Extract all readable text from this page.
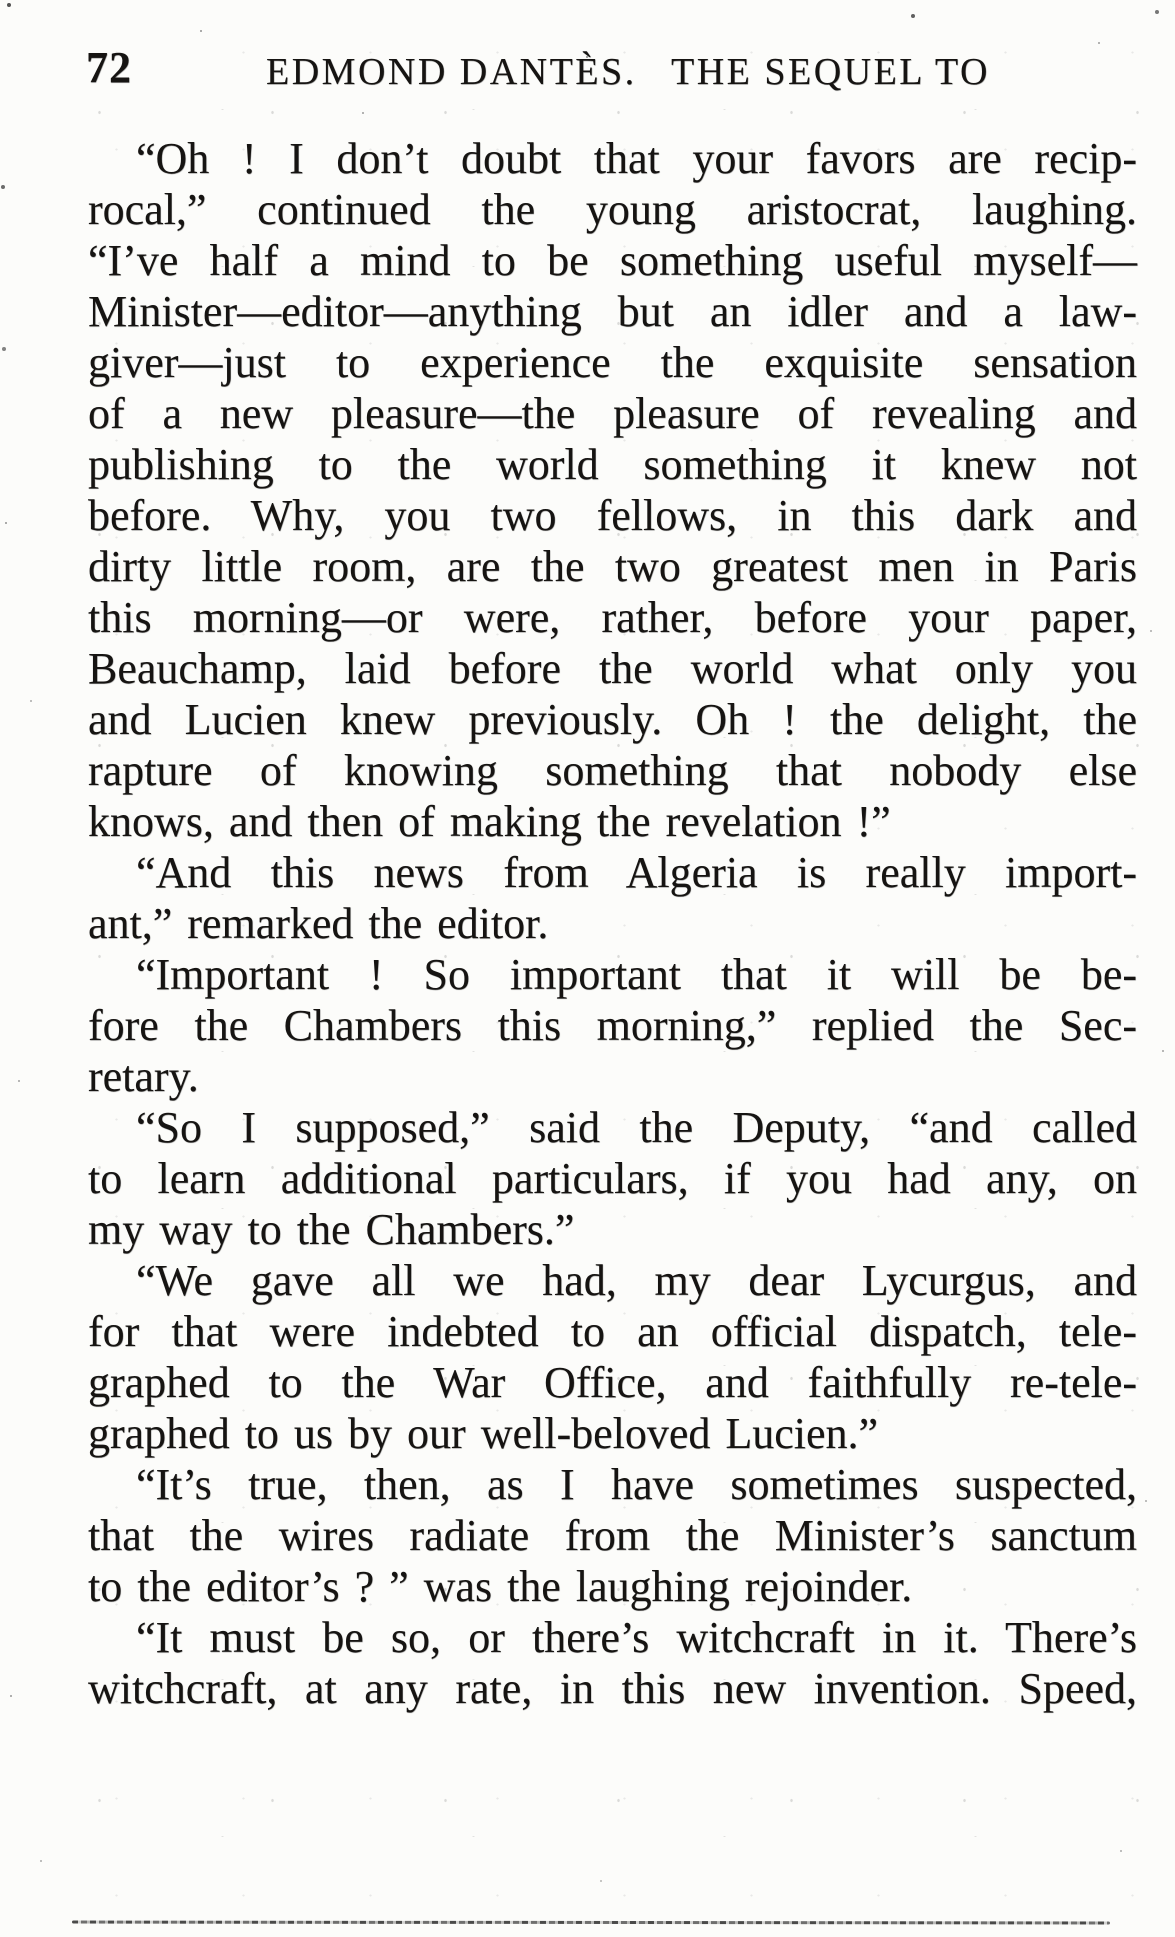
72	EDMOND DANTÈS. THE SEQUEL TO
“Oh ! I don’t doubt that your favors are recip-
rocal,” continued the young aristocrat, laughing.
“I’ve half a mind to be something useful myself—
Minister—editor—anything but an idler and a law-
giver—just to experience the exquisite sensation
of a new pleasure—the pleasure of revealing and
publishing to the world something it knew not
before. Why, you two fellows, in this dark and
dirty little room, are the two greatest men in Paris
this morning—or were, rather, before your paper,
Beauchamp, laid before the world what only you
and Lucien knew previously. Oh ! the delight, the
rapture of knowing something that nobody else
knows, and then of making the revelation !”
“And this news from Algeria is really import-
ant,” remarked the editor.
“Important ! So important that it will be be-
fore the Chambers this morning,” replied the Sec-
retary.
“So I supposed,” said the Deputy, “and called
to learn additional particulars, if you had any, on
my way to the Chambers.”
“We gave all we had, my dear Lycurgus, and
for that were indebted to an official dispatch, tele-
graphed to the War Office, and faithfully re-tele-
graphed to us by our well-beloved Lucien.”
“It’s true, then, as I have sometimes suspected,
that the wires radiate from the Minister’s sanctum
to the editor’s ? ” was the laughing rejoinder.
“It must be so, or there’s witchcraft in it. There’s
witchcraft, at any rate, in this new invention. Speed,
